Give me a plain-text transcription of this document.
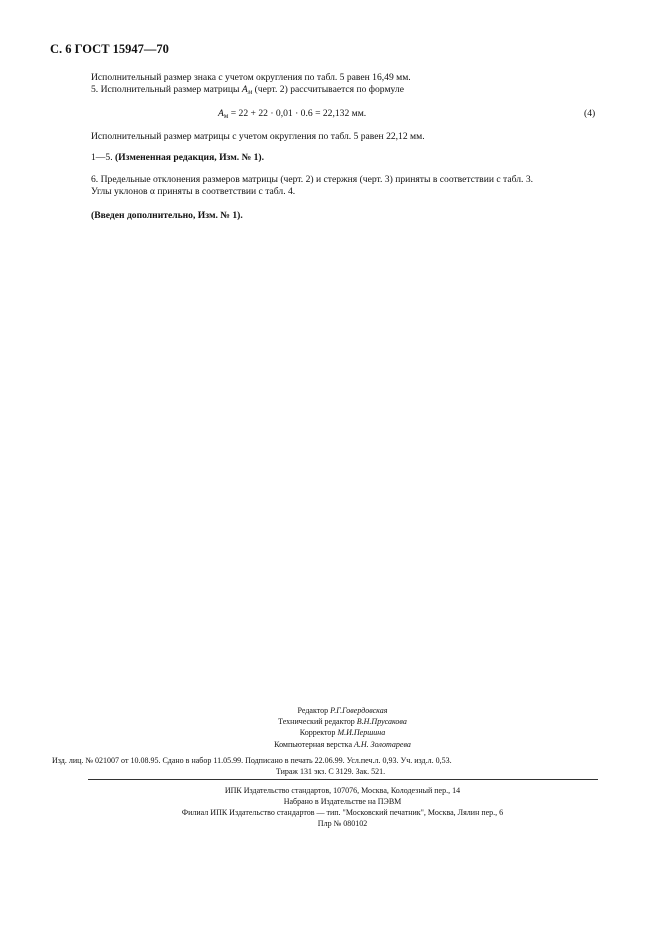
С. 6 ГОСТ 15947—70
Исполнительный размер знака с учетом округления по табл. 5 равен 16,49 мм.
5. Исполнительный размер матрицы $А_м$ (черт. 2) рассчитывается по формуле
$А_м = 22 + 22 \cdot 0,01 \cdot 0.6 = 22,132$ мм.	(4)
Исполнительный размер матрицы с учетом округления по табл. 5 равен 22,12 мм.
1—5. (Измененная редакция, Изм. № 1).
6. Предельные отклонения размеров матрицы (черт. 2) и стержня (черт. 3) приняты в соответствии с табл. 3.
Углы уклонов α приняты в соответствии с табл. 4.
(Введен дополнительно, Изм. № 1).
Редактор Р.Г.Говердовская
Технический редактор В.Н.Прусакова
Корректор М.И.Першина
Компьютерная верстка А.Н. Золотарева
Изд. лиц. № 021007 от 10.08.95. Сдано в набор 11.05.99. Подписано в печать 22.06.99. Усл.печ.л. 0,93. Уч. изд.л. 0,53.
Тираж 131 экз. С 3129. Зак. 521.
ИПК Издательство стандартов, 107076, Москва, Колодезный пер., 14
Набрано в Издательстве на ПЭВМ
Филиал ИПК Издательство стандартов — тип. "Московский печатник", Москва, Лялин пер., 6
Плр № 080102
